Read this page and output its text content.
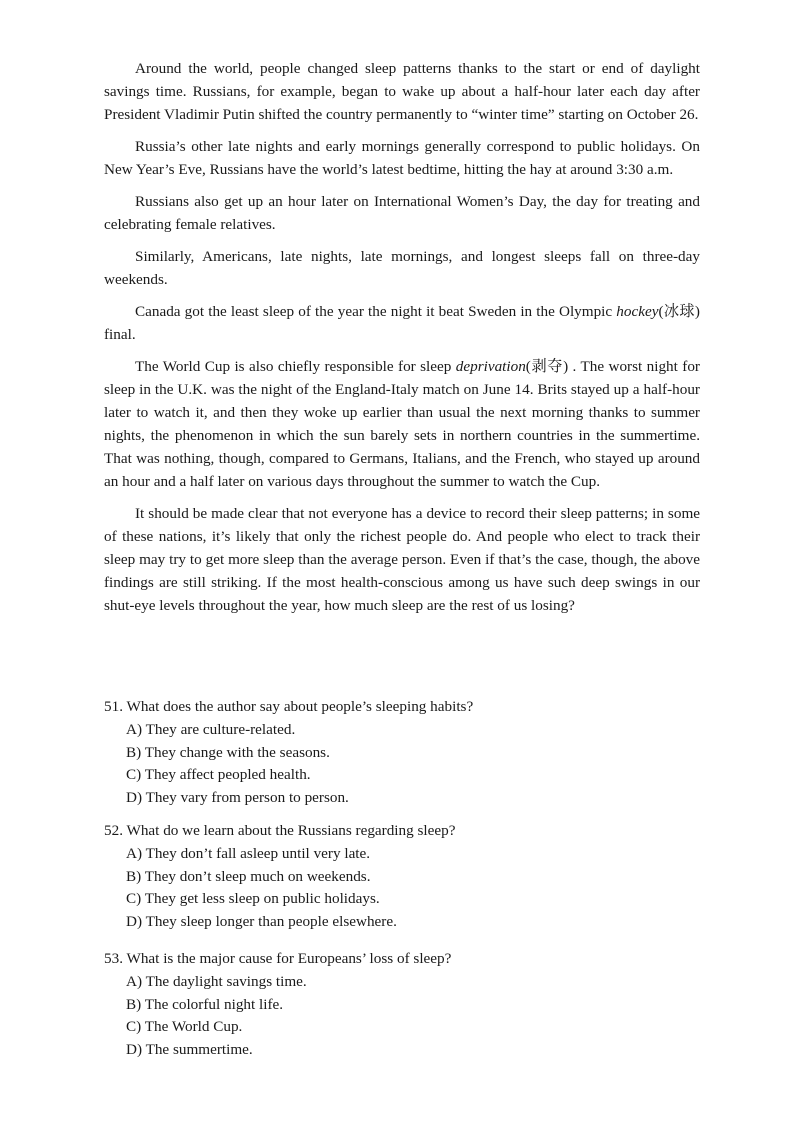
Around the world, people changed sleep patterns thanks to the start or end of daylight savings time. Russians, for example, began to wake up about a half-hour later each day after President Vladimir Putin shifted the country permanently to “winter time” starting on October 26.

Russia’s other late nights and early mornings generally correspond to public holidays. On New Year’s Eve, Russians have the world’s latest bedtime, hitting the hay at around 3:30 a.m.

Russians also get up an hour later on International Women’s Day, the day for treating and celebrating female relatives.

Similarly, Americans, late nights, late mornings, and longest sleeps fall on three-day weekends.

Canada got the least sleep of the year the night it beat Sweden in the Olympic hockey(冰球) final.

The World Cup is also chiefly responsible for sleep deprivation(剥夺) . The worst night for sleep in the U.K. was the night of the England-Italy match on June 14. Brits stayed up a half-hour later to watch it, and then they woke up earlier than usual the next morning thanks to summer nights, the phenomenon in which the sun barely sets in northern countries in the summertime. That was nothing, though, compared to Germans, Italians, and the French, who stayed up around an hour and a half later on various days throughout the summer to watch the Cup.

It should be made clear that not everyone has a device to record their sleep patterns; in some of these nations, it’s likely that only the richest people do. And people who elect to track their sleep may try to get more sleep than the average person. Even if that’s the case, though, the above findings are still striking. If the most health-conscious among us have such deep swings in our shut-eye levels throughout the year, how much sleep are the rest of us losing?

51. What does the author say about people’s sleeping habits?

A) They are culture-related.
B) They change with the seasons.
C) They affect peopled health.
D) They vary from person to person.

52. What do we learn about the Russians regarding sleep?

A) They don’t fall asleep until very late.
B) They don’t sleep much on weekends.
C) They get less sleep on public holidays.
D) They sleep longer than people elsewhere.

53. What is the major cause for Europeans’ loss of sleep?

A) The daylight savings time.
B) The colorful night life.
C) The World Cup.
D) The summertime.
